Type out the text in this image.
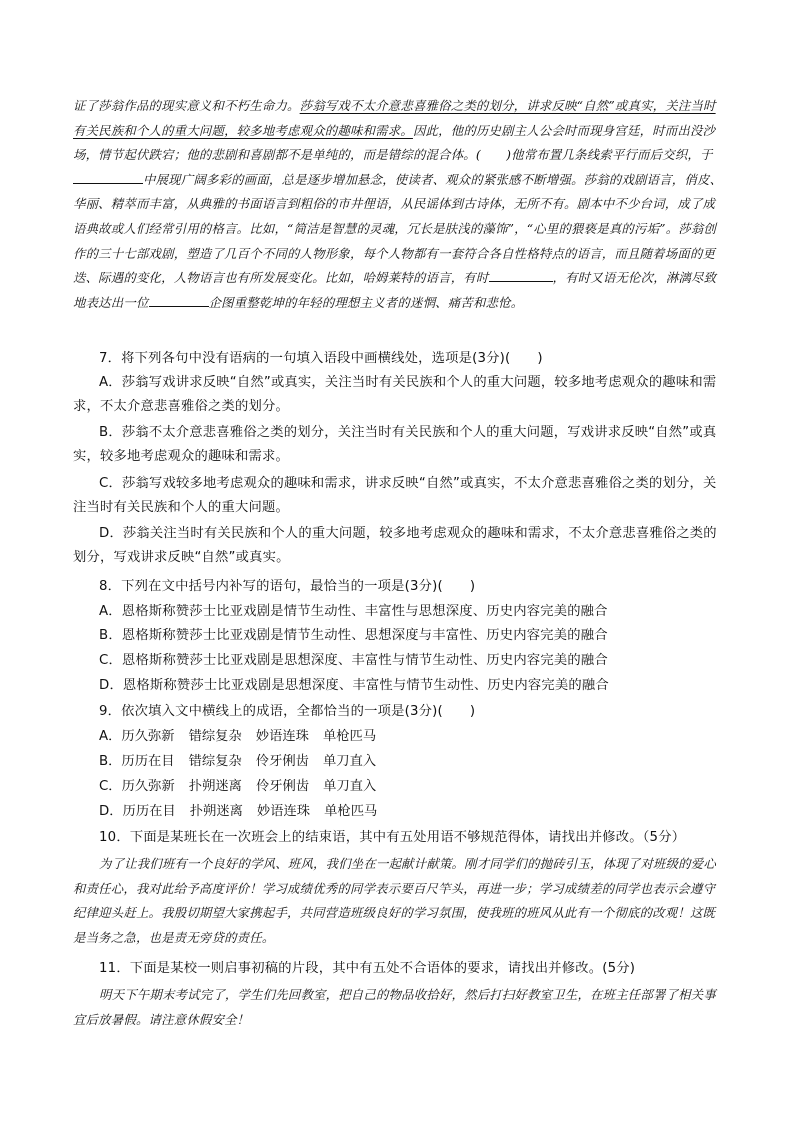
证了莎翁作品的现实意义和不朽生命力。莎翁写戏不太介意悲喜雅俗之类的划分，讲求反映“自然”或真实，关注当时有关民族和个人的重大问题，较多地考虑观众的趣味和需求。因此，他的历史剧主人公会时而现身宫廷，时而出没沙场，情节起伏跌宕；他的悲剧和喜剧都不是单纯的，而是错综的混合体。(　　)他常布置几条线索平行而后交织，于中展现广阔多彩的画面，总是逐步增加悬念，使读者、观众的紧张感不断增强。莎翁的戏剧语言，俏皮、华丽、精萃而丰富，从典雅的书面语言到粗俗的市井俚语，从民谣体到古诗体，无所不有。剧本中不少台词，成了成语典故或人们经常引用的格言。比如，“简洁是智慧的灵魂，冗长是肤浅的藻饰”，“心里的猥亵是真的污垢”。莎翁创作的三十七部戏剧，塑造了几百个不同的人物形象，每个人物都有一套符合各自性格特点的语言，而且随着场面的更迭、际遇的变化，人物语言也有所发展变化。比如，哈姆莱特的语言，有时	，有时又语无伦次，淋漓尽致地表达出一位	企图重整乾坤的年轻的理想主义者的迷惘、痛苦和悲怆。

7．将下列各句中没有语病的一句填入语段中画横线处，选项是(3分)(　　)

A．莎翁写戏讲求反映“自然”或真实，关注当时有关民族和个人的重大问题，较多地考虑观众的趣味和需求，不太介意悲喜雅俗之类的划分。

B．莎翁不太介意悲喜雅俗之类的划分，关注当时有关民族和个人的重大问题，写戏讲求反映“自然”或真实，较多地考虑观众的趣味和需求。

C．莎翁写戏较多地考虑观众的趣味和需求，讲求反映“自然”或真实，不太介意悲喜雅俗之类的划分，关注当时有关民族和个人的重大问题。

D．莎翁关注当时有关民族和个人的重大问题，较多地考虑观众的趣味和需求，不太介意悲喜雅俗之类的划分，写戏讲求反映“自然”或真实。

8．下列在文中括号内补写的语句，最恰当的一项是(3分)(　　)

A．恩格斯称赞莎士比亚戏剧是情节生动性、丰富性与思想深度、历史内容完美的融合

B．恩格斯称赞莎士比亚戏剧是情节生动性、思想深度与丰富性、历史内容完美的融合

C．恩格斯称赞莎士比亚戏剧是思想深度、丰富性与情节生动性、历史内容完美的融合

D．恩格斯称赞莎士比亚戏剧是思想深度、丰富性与情节生动性、历史内容完美的融合

9．依次填入文中横线上的成语，全都恰当的一项是(3分)(　　)

A．历久弥新 错综复杂 妙语连珠 单枪匹马
B．历历在目 错综复杂 伶牙俐齿 单刀直入
C．历久弥新 扑朔迷离 伶牙俐齿 单刀直入
D．历历在目 扑朔迷离 妙语连珠 单枪匹马

10．下面是某班长在一次班会上的结束语，其中有五处用语不够规范得体，请找出并修改。（5分）

为了让我们班有一个良好的学风、班风，我们坐在一起献计献策。刚才同学们的抛砖引玉，体现了对班级的爱心和责任心，我对此给予高度评价！学习成绩优秀的同学表示要百尺竿头，再进一步；学习成绩差的同学也表示会遵守纪律迎头赶上。我殷切期望大家携起手，共同营造班级良好的学习氛围，使我班的班风从此有一个彻底的改观！这既是当务之急，也是责无旁贷的责任。

11．下面是某校一则启事初稿的片段，其中有五处不合语体的要求，请找出并修改。(5分)

明天下午期末考试完了，学生们先回教室，把自己的物品收拾好，然后打扫好教室卫生，在班主任部署了相关事宜后放暑假。请注意休假安全！
